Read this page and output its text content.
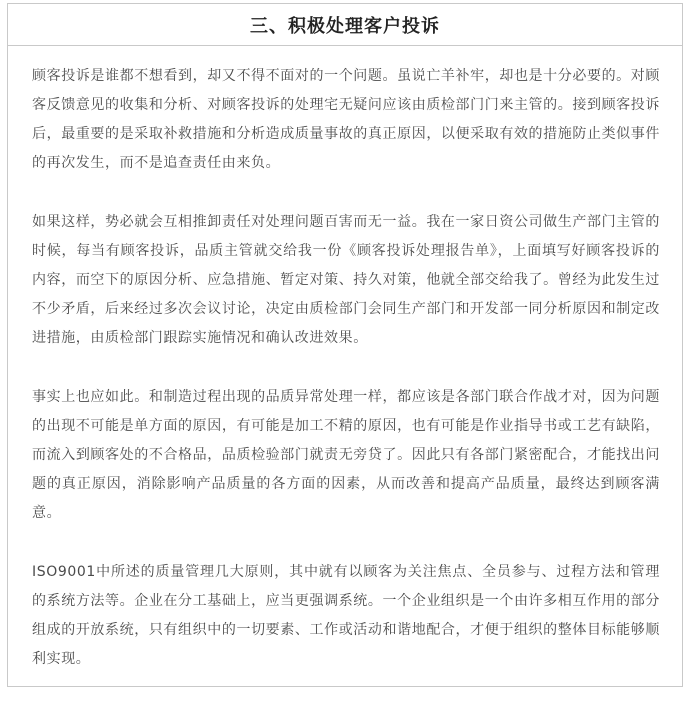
三、积极处理客户投诉

顾客投诉是谁都不想看到，却又不得不面对的一个问题。虽说亡羊补牢，却也是十分必要的。对顾客反馈意见的收集和分析、对顾客投诉的处理宅无疑问应该由质检部门门来主管的。接到顾客投诉后，最重要的是采取补救措施和分析造成质量事故的真正原因，以便采取有效的措施防止类似事件的再次发生，而不是追查责任由来负。

如果这样，势必就会互相推卸责任对处理问题百害而无一益。我在一家日资公司做生产部门主管的时候，每当有顾客投诉，品质主管就交给我一份《顾客投诉处理报告单》，上面填写好顾客投诉的内容，而空下的原因分析、应急措施、暂定对策、持久对策，他就全部交给我了。曾经为此发生过不少矛盾，后来经过多次会议讨论，决定由质检部门会同生产部门和开发部一同分析原因和制定改进措施，由质检部门跟踪实施情况和确认改进效果。

事实上也应如此。和制造过程出现的品质异常处理一样，都应该是各部门联合作战才对，因为问题的出现不可能是单方面的原因，有可能是加工不精的原因，也有可能是作业指导书或工艺有缺陷，而流入到顾客处的不合格品，品质检验部门就责无旁贷了。因此只有各部门紧密配合，才能找出问题的真正原因，消除影响产品质量的各方面的因素，从而改善和提高产品质量，最终达到顾客满意。

ISO9001中所述的质量管理几大原则，其中就有以顾客为关注焦点、全员参与、过程方法和管理的系统方法等。企业在分工基础上，应当更强调系统。一个企业组织是一个由许多相互作用的部分组成的开放系统，只有组织中的一切要素、工作或活动和谐地配合，才便于组织的整体目标能够顺利实现。
